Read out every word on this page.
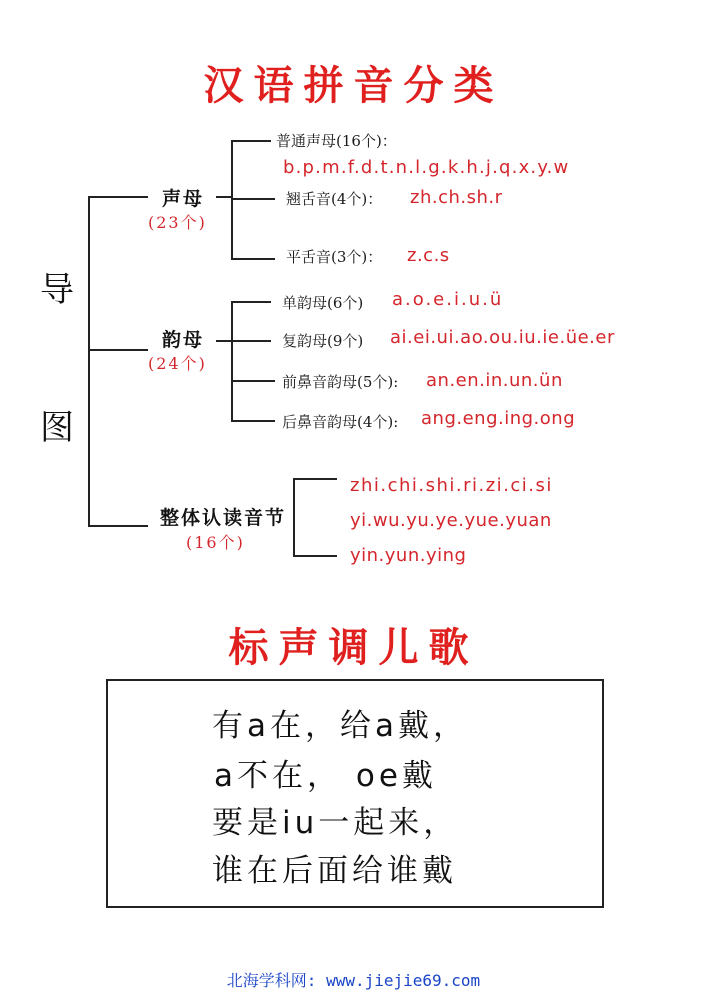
汉语拼音分类
导
图
声母
(23个)
普通声母(16个)：
b.p.m.f.d.t.n.l.g.k.h.j.q.x.y.w
翘舌音(4个)： zh.ch.sh.r
平舌音(3个)： z.c.s
韵母
(24个)
单韵母(6个) a.o.e.i.u.ü
复韵母(9个) ai.ei.ui.ao.ou.iu.ie.üe.er
前鼻音韵母(5个): an.en.in.un.ün
后鼻音韵母(4个): ang.eng.ing.ong
整体认读音节
(16个)
zhi.chi.shi.ri.zi.ci.si
yi.wu.yu.ye.yue.yuan
yin.yun.ying
标声调儿歌
有a在，给a戴，
a不在， oe戴
要是iu一起来，
谁在后面给谁戴
北海学科网: www.jiejie69.com
